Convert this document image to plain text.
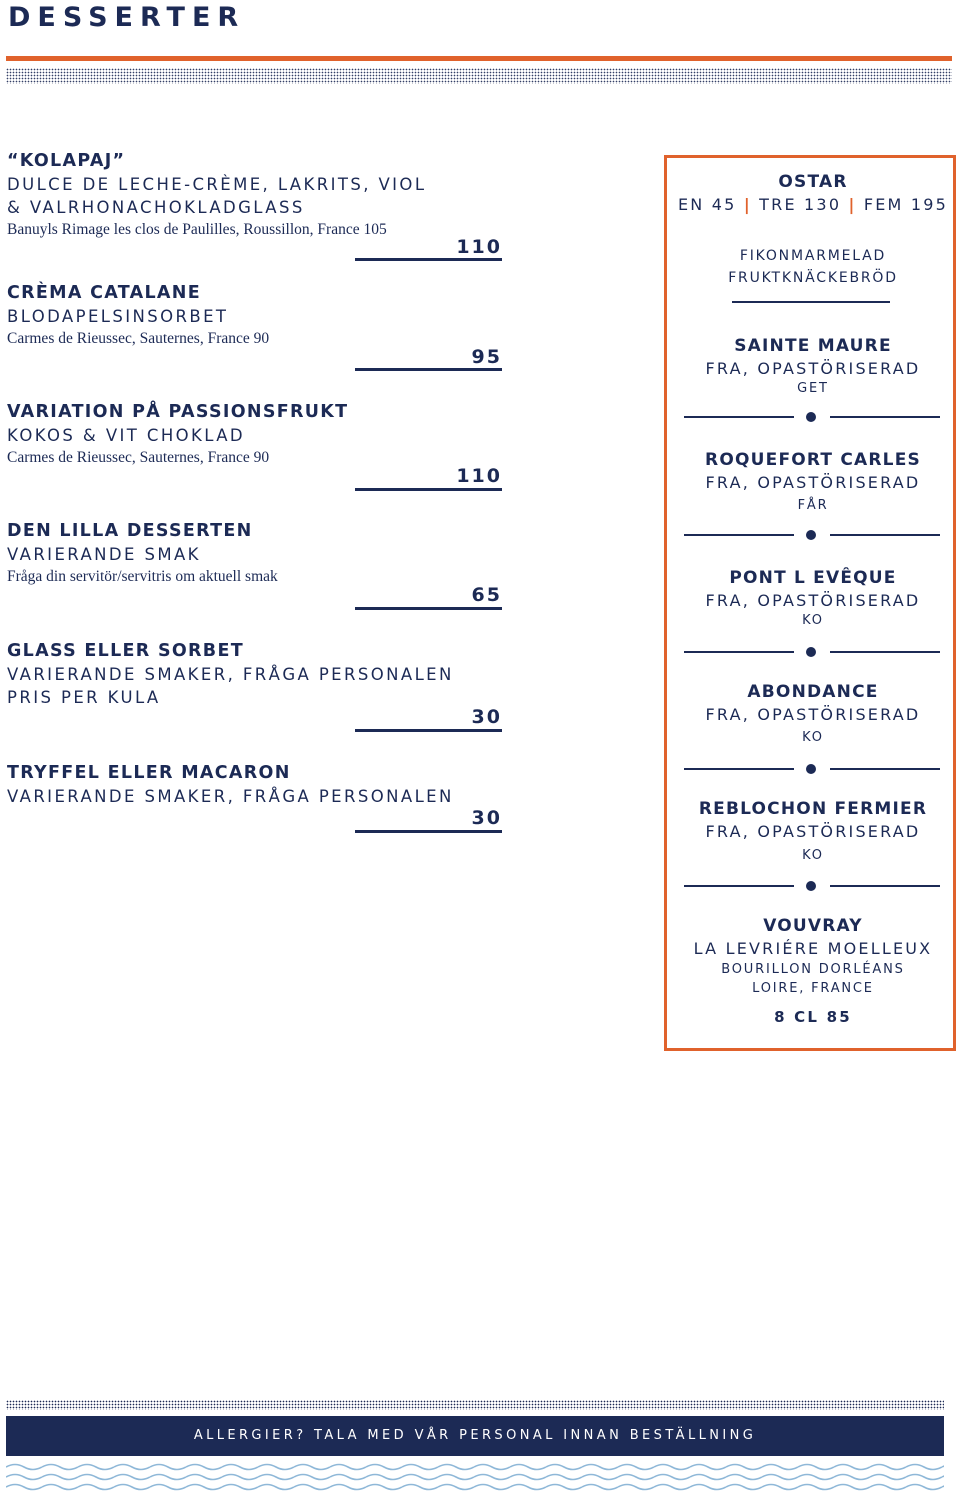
DESSERTER
“KOLAPAJ”
DULCE DE LECHE-CRÈME, LAKRITS, VIOL
& VALRHONACHOKLADGLASS
Banuyls Rimage les clos de Paulilles, Roussillon, France 105
110
CRÈMA CATALANE
BLODAPELSINSORBET
Carmes de Rieussec, Sauternes, France 90
95
VARIATION PÅ PASSIONSFRUKT
KOKOS & VIT CHOKLAD
Carmes de Rieussec, Sauternes, France 90
110
DEN LILLA DESSERTEN
VARIERANDE SMAK
Fråga din servitör/servitris om aktuell smak
65
GLASS ELLER SORBET
VARIERANDE SMAKER, FRÅGA PERSONALEN
PRIS PER KULA
30
TRYFFEL ELLER MACARON
VARIERANDE SMAKER, FRÅGA PERSONALEN
30
OSTAR
EN 45 | TRE 130 | FEM 195
FIKONMARMELAD
FRUKTKNÄCKEBRÖD
SAINTE MAURE
FRA, OPASTÖRISERAD
GET
ROQUEFORT CARLES
FRA, OPASTÖRISERAD
FÅR
PONT L EVÊQUE
FRA, OPASTÖRISERAD
KO
ABONDANCE
FRA, OPASTÖRISERAD
KO
REBLOCHON FERMIER
FRA, OPASTÖRISERAD
KO
VOUVRAY
LA LEVRIÉRE MOELLEUX
BOURILLON DORLÉANS
LOIRE, FRANCE
8 CL 85
ALLERGIER? TALA MED VÅR PERSONAL INNAN BESTÄLLNING
